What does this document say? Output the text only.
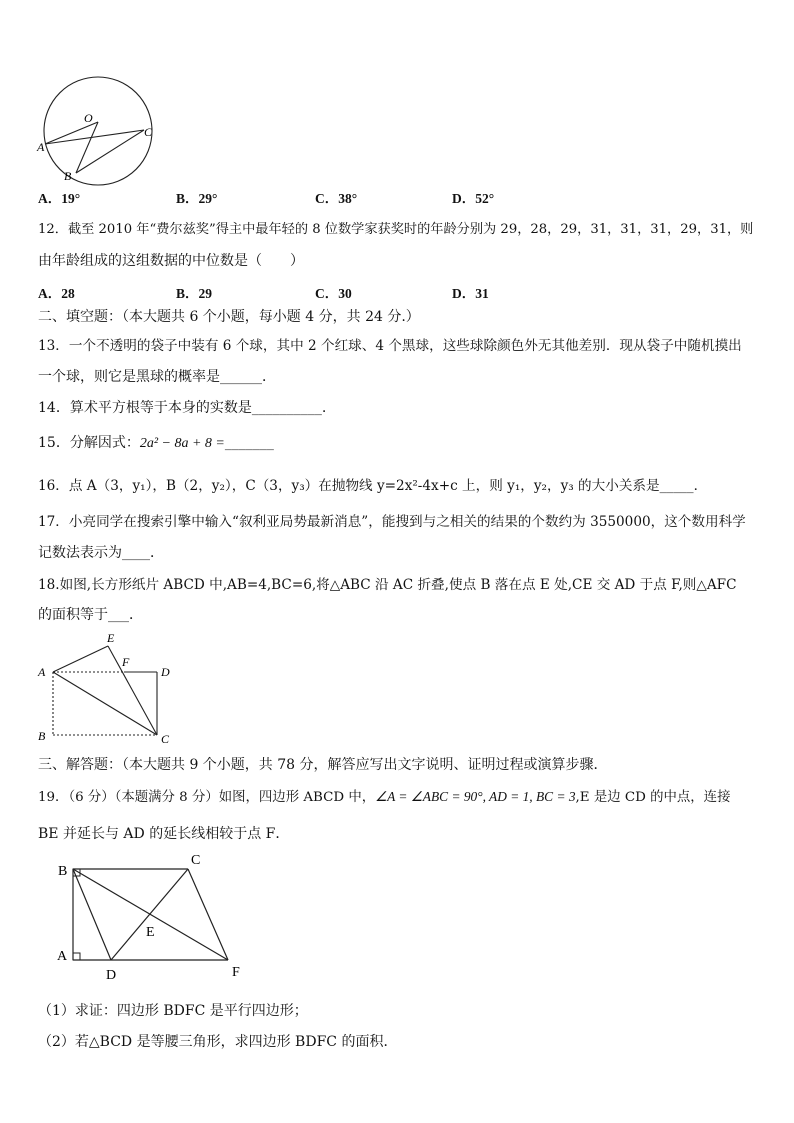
O
A
B
C
A．19°	B．29°	C．38°	D．52°
12．截至 2010 年“费尔兹奖”得主中最年轻的 8 位数学家获奖时的年龄分别为 29，28，29，31，31，31，29，31，则
由年龄组成的这组数据的中位数是（　　）
A．28	B．29	C．30	D．31
二、填空题：（本大题共 6 个小题，每小题 4 分，共 24 分.）
13．一个不透明的袋子中装有 6 个球，其中 2 个红球、4 个黑球，这些球除颜色外无其他差别．现从袋子中随机摸出
一个球，则它是黑球的概率是______．
14．算术平方根等于本身的实数是__________.
15．分解因式：2a² − 8a + 8 =_______
16．点 A（3，y₁），B（2，y₂），C（3，y₃）在抛物线 y=2x²-4x+c 上，则 y₁，y₂，y₃ 的大小关系是_____．
17．小亮同学在搜索引擎中输入“叙利亚局势最新消息”，能搜到与之相关的结果的个数约为 3550000，这个数用科学
记数法表示为____．
18.如图,长方形纸片 ABCD 中,AB=4,BC=6,将△ABC 沿 AC 折叠,使点 B 落在点 E 处,CE 交 AD 于点 F,则△AFC
的面积等于___．
E
F
A	D
B	C
三、解答题：（本大题共 9 个小题，共 78 分，解答应写出文字说明、证明过程或演算步骤．
19．（6 分）（本题满分 8 分）如图，四边形 ABCD 中，∠A = ∠ABC = 90°, AD = 1, BC = 3,E 是边 CD 的中点，连接
BE 并延长与 AD 的延长线相较于点 F．
B
C
E
A
D	F
（1）求证：四边形 BDFC 是平行四边形；
（2）若△BCD 是等腰三角形，求四边形 BDFC 的面积．
